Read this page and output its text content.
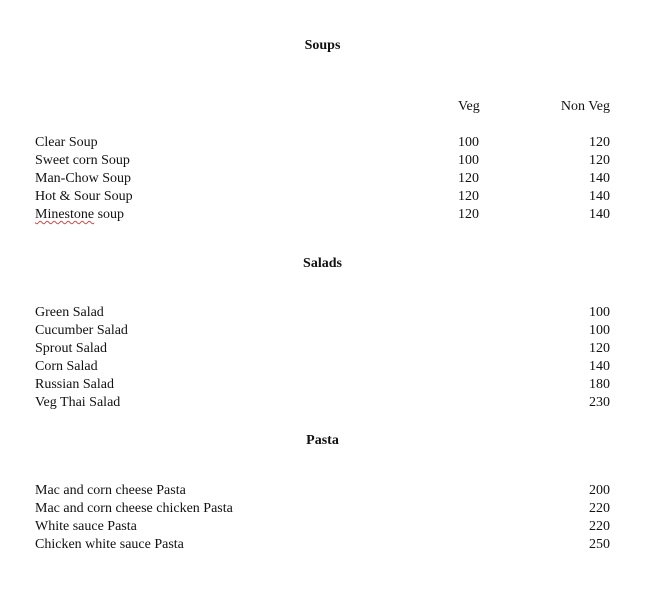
Soups
Veg	Non Veg
Clear Soup	100	120
Sweet corn Soup	100	120
Man-Chow Soup	120	140
Hot & Sour Soup	120	140
Minestone soup	120	140
Salads
Green Salad	100
Cucumber Salad	100
Sprout Salad	120
Corn Salad	140
Russian Salad	180
Veg Thai Salad	230
Pasta
Mac and corn cheese Pasta	200
Mac and corn cheese chicken Pasta	220
White sauce Pasta	220
Chicken white sauce Pasta	250
